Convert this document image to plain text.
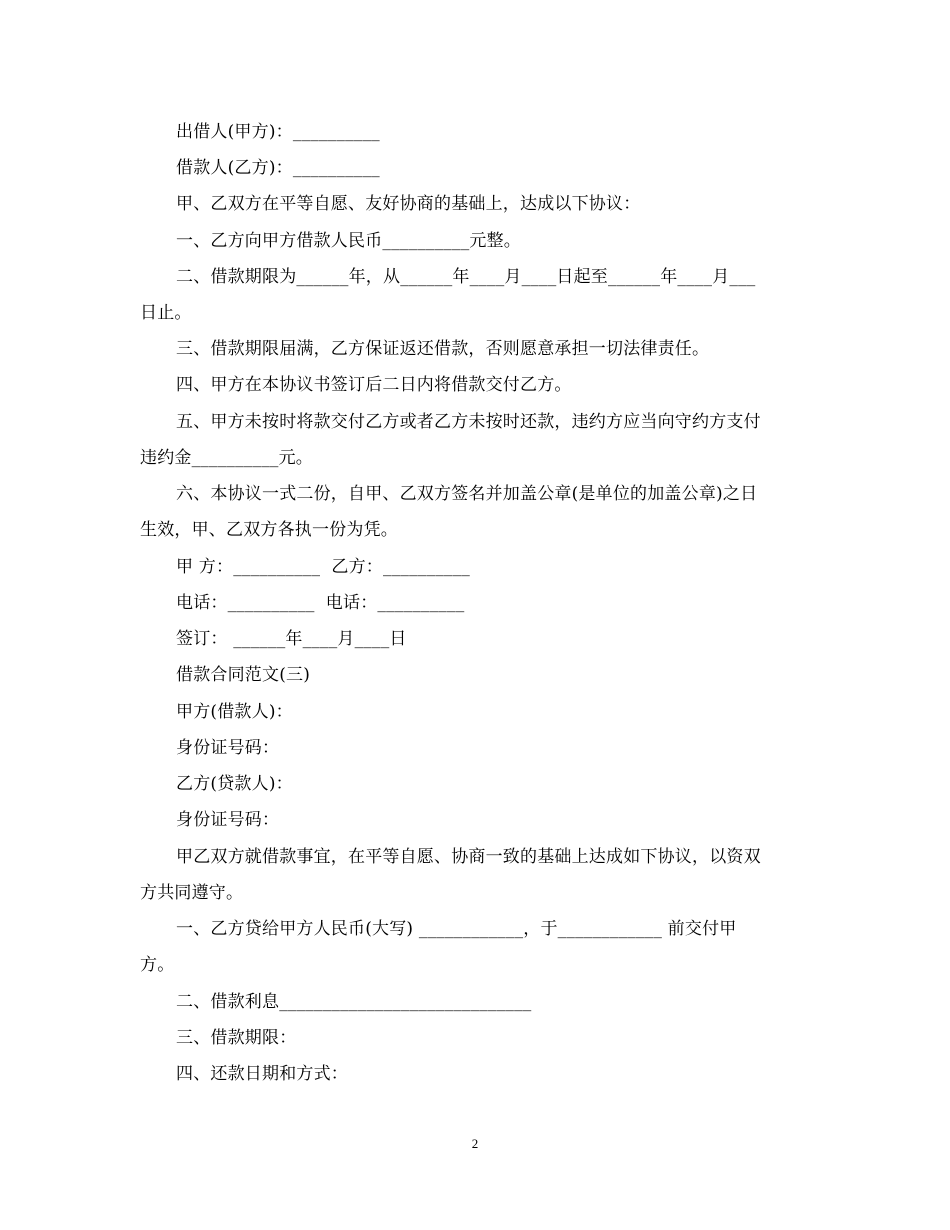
出借人(甲方)：__________
借款人(乙方)：__________
甲、乙双方在平等自愿、友好协商的基础上，达成以下协议：
一、乙方向甲方借款人民币__________元整。
二、借款期限为______年，从______年____月____日起至______年____月___
日止。
三、借款期限届满，乙方保证返还借款，否则愿意承担一切法律责任。
四、甲方在本协议书签订后二日内将借款交付乙方。
五、甲方未按时将款交付乙方或者乙方未按时还款，违约方应当向守约方支付
违约金__________元。
六、本协议一式二份，自甲、乙双方签名并加盖公章(是单位的加盖公章)之日
生效，甲、乙双方各执一份为凭。
甲 方：__________  乙方：__________
电话：__________  电话：__________
签订： ______年____月____日
借款合同范文(三)
甲方(借款人)：
身份证号码：
乙方(贷款人)：
身份证号码：
甲乙双方就借款事宜，在平等自愿、协商一致的基础上达成如下协议，以资双
方共同遵守。
一、乙方贷给甲方人民币(大写) ____________，于____________ 前交付甲
方。
二、借款利息_____________________________
三、借款期限：
四、还款日期和方式：
2
